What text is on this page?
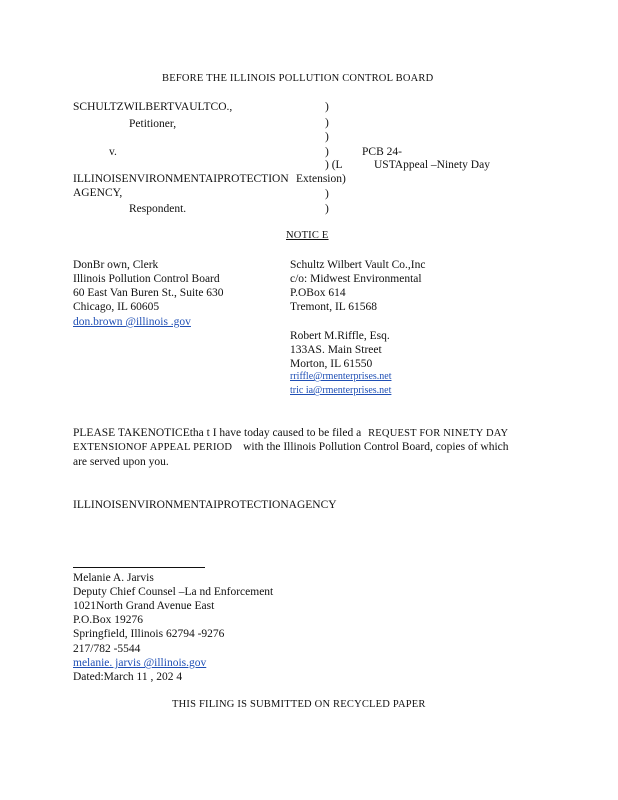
BEFORE THE ILLINOIS POLLUTION CONTROL BOARD
SCHULTZWILBERTVAULTCO.,
Petitioner,
v.
ILLINOISENVIRONMENTAIPROTECTION
AGENCY,
Respondent.
)
)
)
)
) (L
Extension)
)
)
PCB 24-
USTAppeal –Ninety Day
NOTIC E
DonBr own, Clerk
Illinois Pollution Control Board
60 East Van Buren St., Suite 630
Chicago, IL 60605
don.brown @illinois .gov
Schultz Wilbert Vault Co.,Inc
c/o: Midwest Environmental
P.OBox 614
Tremont, IL 61568
Robert M.Riffle, Esq.
133AS. Main Street
Morton, IL 61550
rriffle@rmenterprises.net
tric ia@rmenterprises.net
PLEASE TAKENOTICEtha t I have today caused to be filed a REQUEST FOR NINETY DAY
EXTENSIONOF APPEAL PERIOD with the Illinois Pollution Control Board, copies of which
are served upon you.
ILLINOISENVIRONMENTAIPROTECTIONAGENCY
Melanie A. Jarvis
Deputy Chief Counsel –La nd Enforcement
1021North Grand Avenue East
P.O.Box 19276
Springfield, Illinois 62794 -9276
217/782 -5544
melanie. jarvis @illinois.gov
Dated:March 11 , 202 4
THIS FILING IS SUBMITTED ON RECYCLED PAPER
